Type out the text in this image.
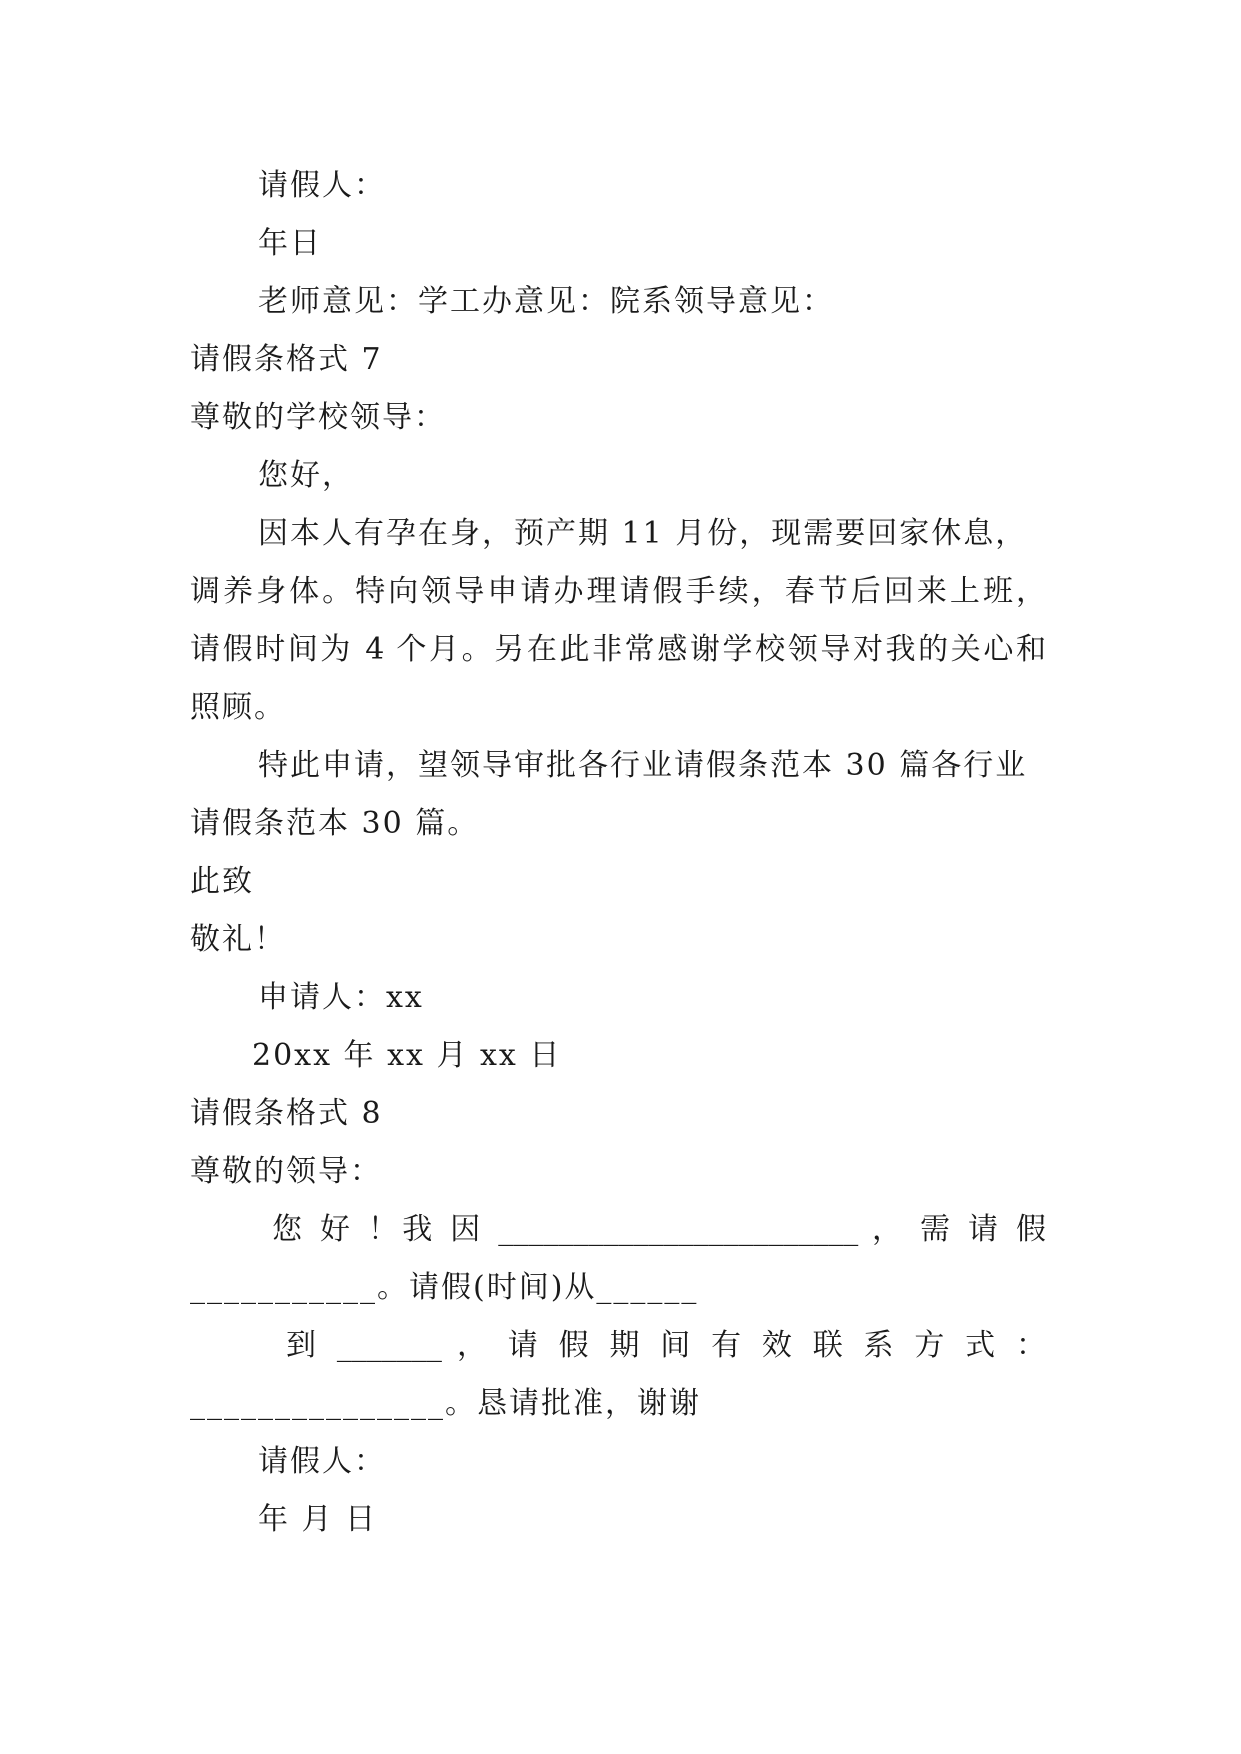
请假人：
年日
老师意见：学工办意见：院系领导意见：
请假条格式 7
尊敬的学校领导：
您好，
因本人有孕在身，预产期 11 月份，现需要回家休息，
调养身体。特向领导申请办理请假手续，春节后回来上班，
请假时间为 4 个月。另在此非常感谢学校领导对我的关心和
照顾。
特此申请，望领导审批各行业请假条范本 30 篇各行业
请假条范本 30 篇。
此致
敬礼！
申请人：xx
20xx 年 xx 月 xx 日
请假条格式 8
尊敬的领导：
您 好 ！我 因 ________________________ ， 需 请 假
___________。请假(时间)从______
到 _______ ， 请 假 期 间 有 效 联 系 方 式 ：
_______________。恳请批准，谢谢
请假人：
年 月 日
